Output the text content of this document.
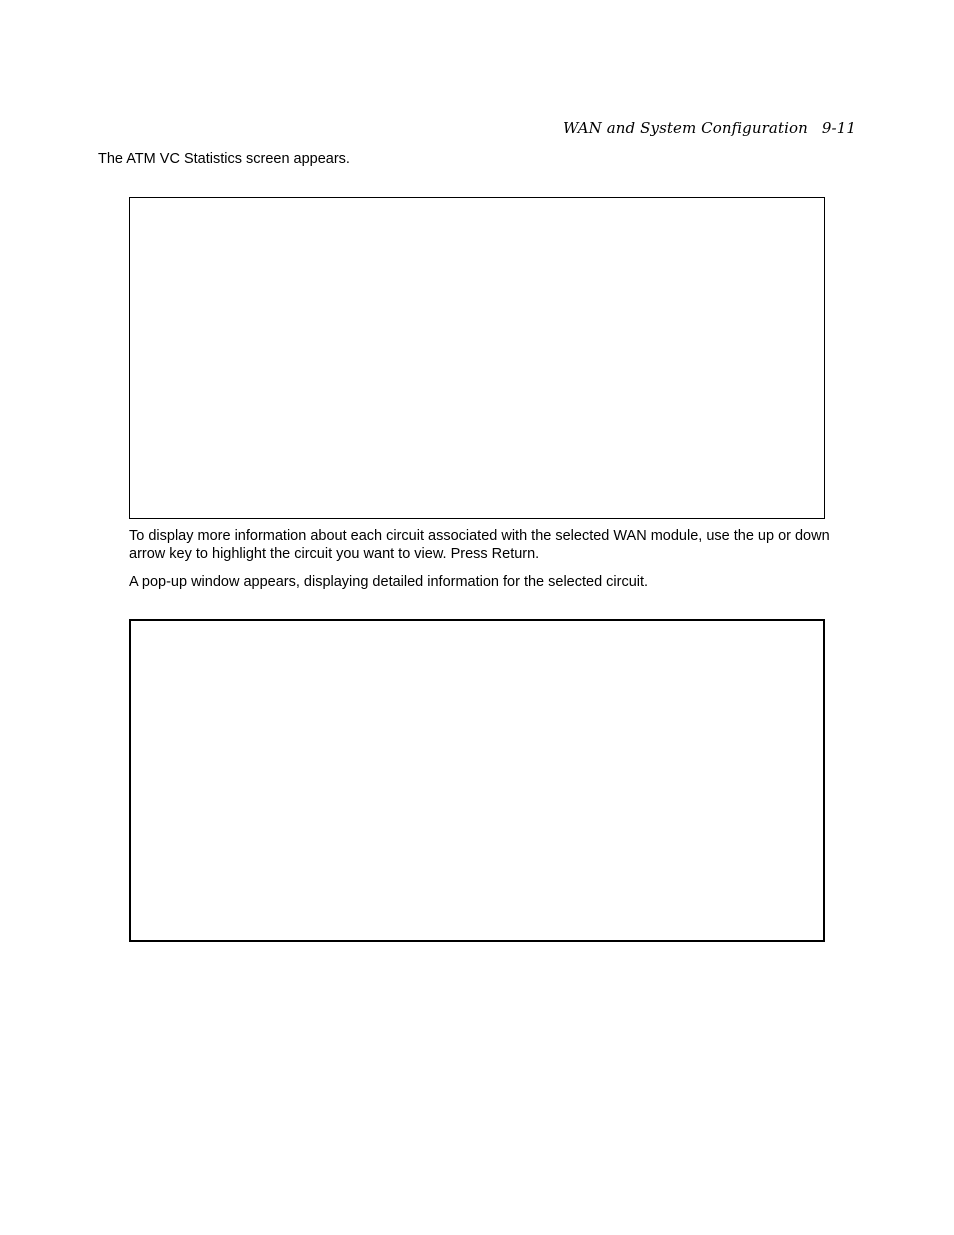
WAN and System Configuration 9-11

The ATM VC Statistics screen appears.

To display more information about each circuit associated with the selected WAN module, use the up or down arrow key to highlight the circuit you want to view. Press Return.

A pop-up window appears, displaying detailed information for the selected circuit.
